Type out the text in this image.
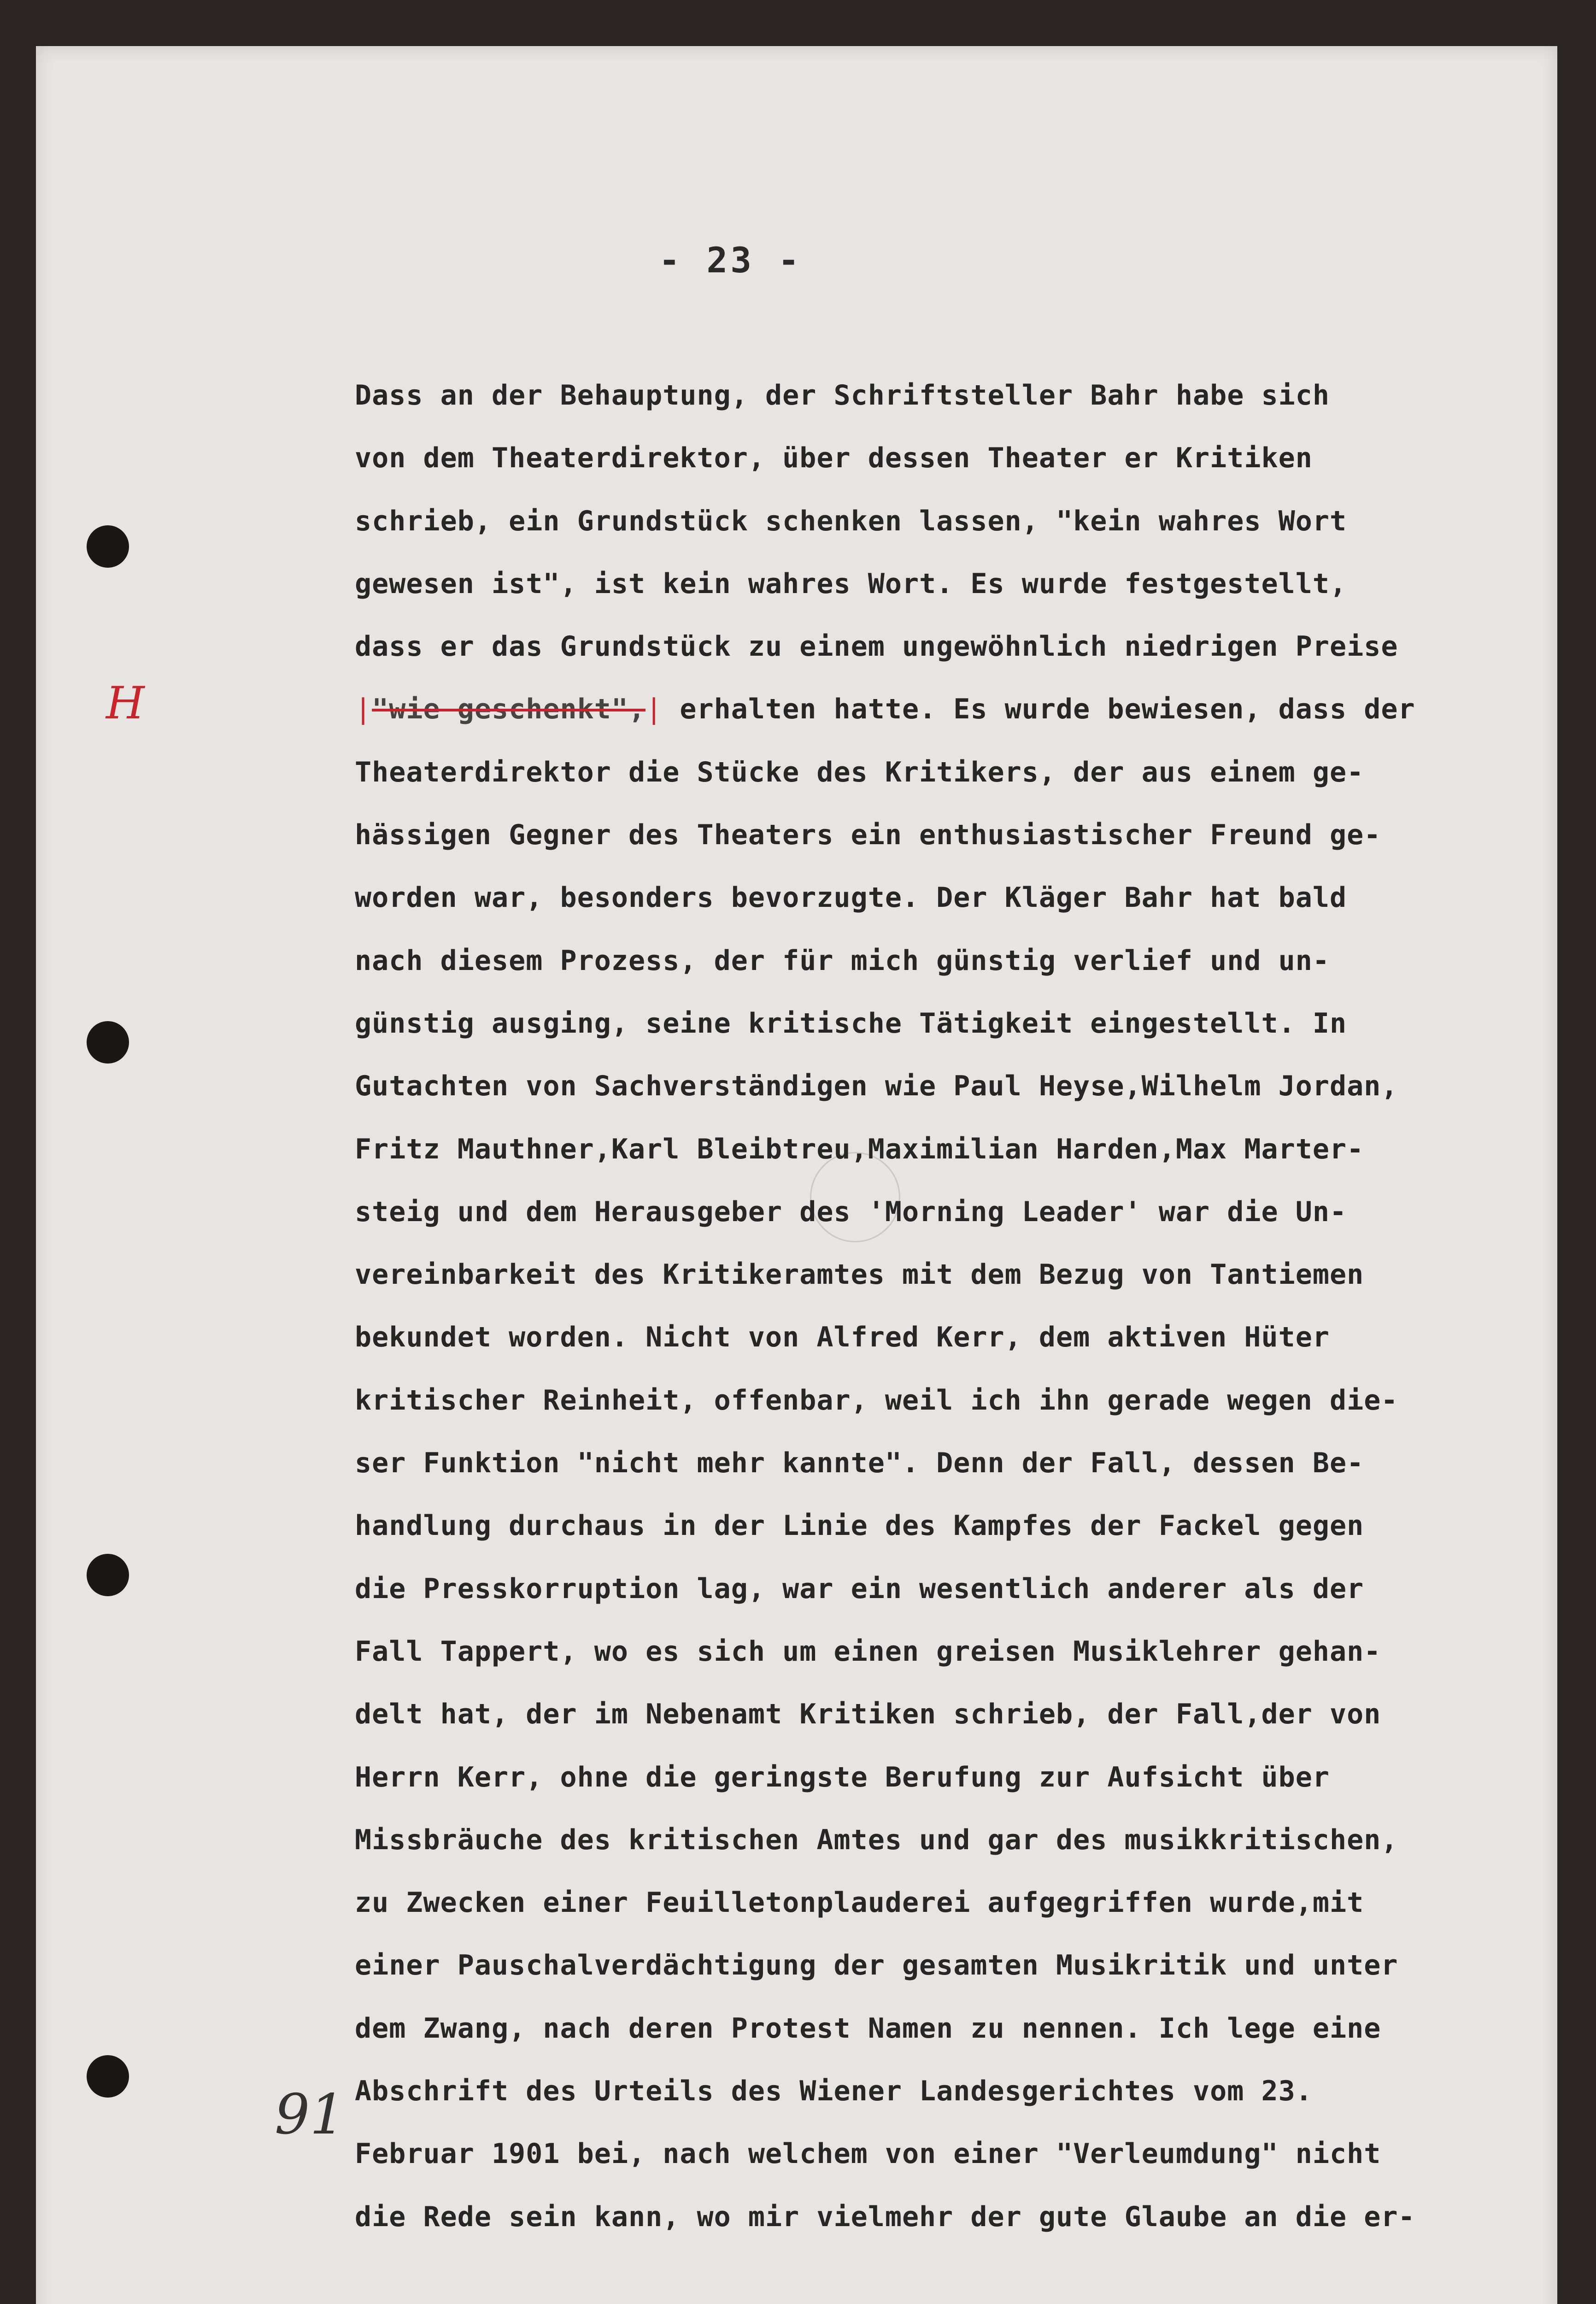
- 23 -
H
91
Dass an der Behauptung, der Schriftsteller Bahr habe sich
von dem Theaterdirektor, über dessen Theater er Kritiken
schrieb, ein Grundstück schenken lassen, "kein wahres Wort
gewesen ist", ist kein wahres Wort. Es wurde festgestellt,
dass er das Grundstück zu einem ungewöhnlich niedrigen Preise
|"wie geschenkt",| erhalten hatte. Es wurde bewiesen, dass der
Theaterdirektor die Stücke des Kritikers, der aus einem ge-
hässigen Gegner des Theaters ein enthusiastischer Freund ge-
worden war, besonders bevorzugte. Der Kläger Bahr hat bald
nach diesem Prozess, der für mich günstig verlief und un-
günstig ausging, seine kritische Tätigkeit eingestellt. In
Gutachten von Sachverständigen wie Paul Heyse,Wilhelm Jordan,
Fritz Mauthner,Karl Bleibtreu,Maximilian Harden,Max Marter-
steig und dem Herausgeber des 'Morning Leader' war die Un-
vereinbarkeit des Kritikeramtes mit dem Bezug von Tantiemen
bekundet worden. Nicht von Alfred Kerr, dem aktiven Hüter
kritischer Reinheit, offenbar, weil ich ihn gerade wegen die-
ser Funktion "nicht mehr kannte". Denn der Fall, dessen Be-
handlung durchaus in der Linie des Kampfes der Fackel gegen
die Presskorruption lag, war ein wesentlich anderer als der
Fall Tappert, wo es sich um einen greisen Musiklehrer gehan-
delt hat, der im Nebenamt Kritiken schrieb, der Fall,der von
Herrn Kerr, ohne die geringste Berufung zur Aufsicht über
Missbräuche des kritischen Amtes und gar des musikkritischen,
zu Zwecken einer Feuilletonplauderei aufgegriffen wurde,mit
einer Pauschalverdächtigung der gesamten Musikritik und unter
dem Zwang, nach deren Protest Namen zu nennen. Ich lege eine
Abschrift des Urteils des Wiener Landesgerichtes vom 23.
Februar 1901 bei, nach welchem von einer "Verleumdung" nicht
die Rede sein kann, wo mir vielmehr der gute Glaube an die er-
